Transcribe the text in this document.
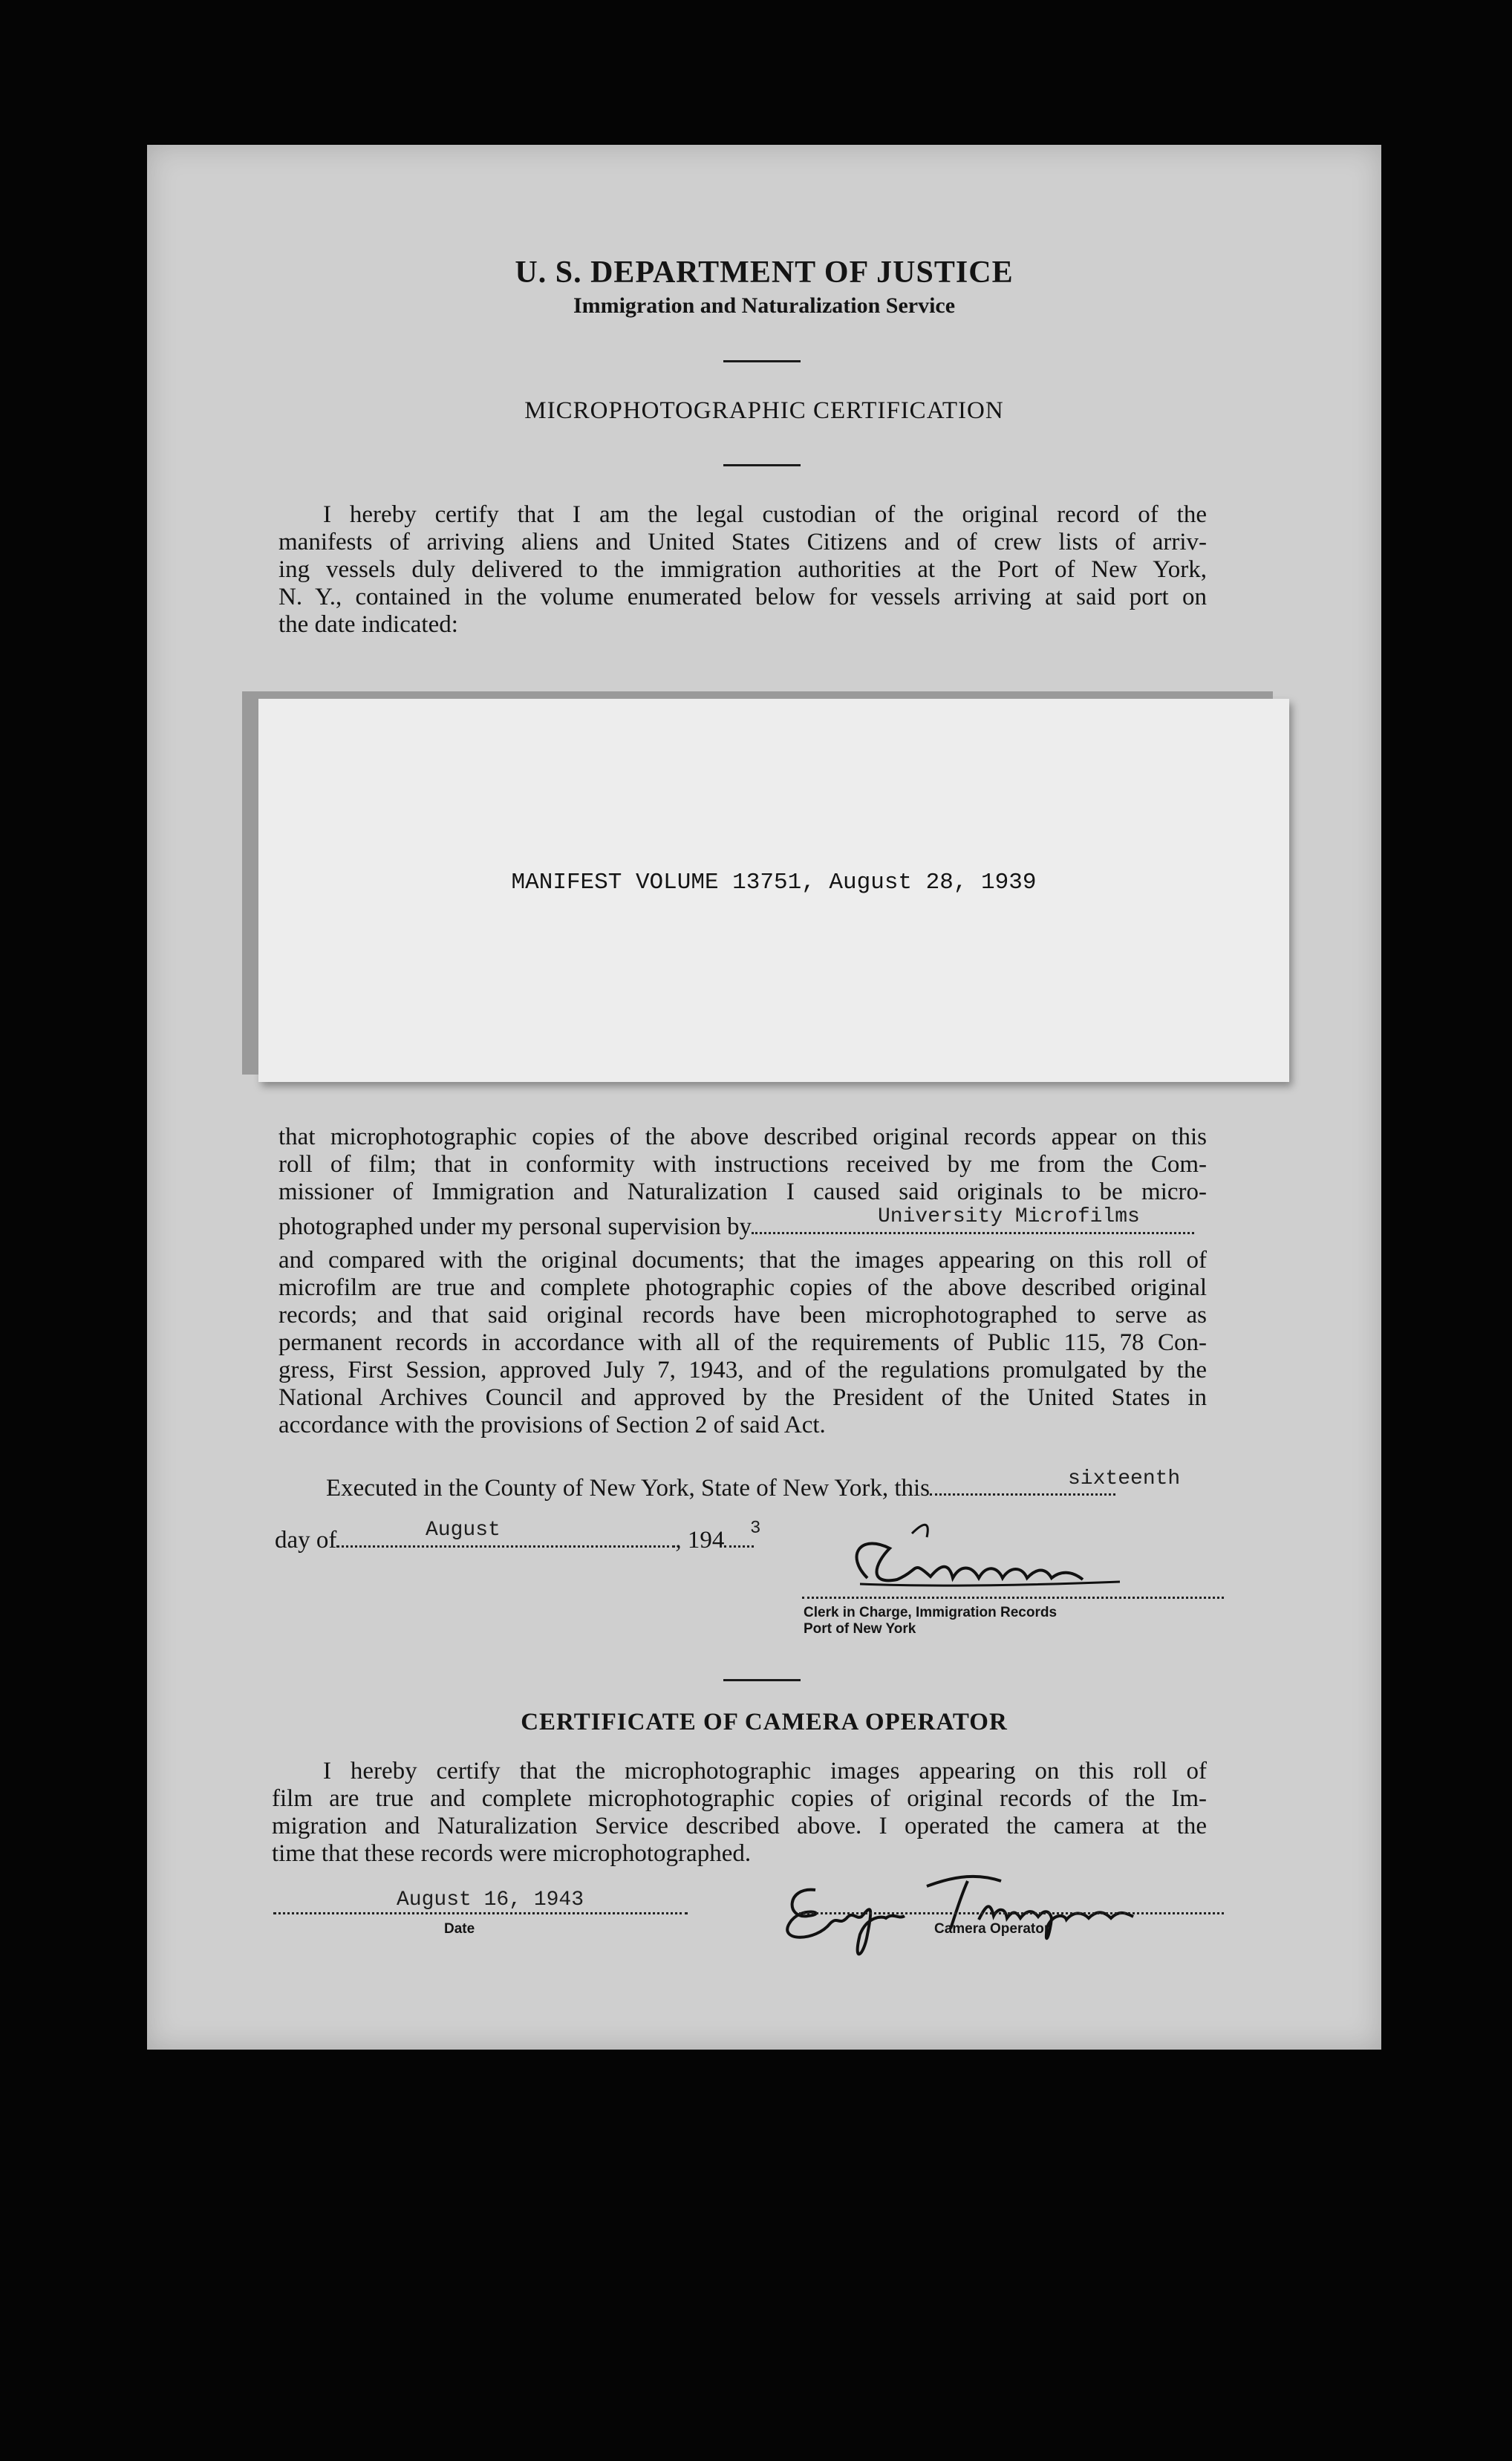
U. S. DEPARTMENT OF JUSTICE
Immigration and Naturalization Service
MICROPHOTOGRAPHIC CERTIFICATION
I hereby certify that I am the legal custodian of the original record of the
manifests of arriving aliens and United States Citizens and of crew lists of arriv-
ing vessels duly delivered to the immigration authorities at the Port of New York,
N. Y., contained in the volume enumerated below for vessels arriving at said port on
the date indicated:
MANIFEST VOLUME 13751, August 28, 1939
that microphotographic copies of the above described original records appear on this
roll of film; that in conformity with instructions received by me from the Com-
missioner of Immigration and Naturalization I caused said originals to be micro-
photographed under my personal supervision by	University Microfilms
and compared with the original documents; that the images appearing on this roll of
microfilm are true and complete photographic copies of the above described original
records; and that said original records have been microphotographed to serve as
permanent records in accordance with all of the requirements of Public 115, 78 Con-
gress, First Session, approved July 7, 1943, and of the regulations promulgated by the
National Archives Council and approved by the President of the United States in
accordance with the provisions of Section 2 of said Act.
Executed in the County of New York, State of New York, this	sixteenth
day of	, 194
August	3
Clerk in Charge, Immigration Records
Port of New York
CERTIFICATE OF CAMERA OPERATOR
I hereby certify that the microphotographic images appearing on this roll of
film are true and complete microphotographic copies of original records of the Im-
migration and Naturalization Service described above. I operated the camera at the
time that these records were microphotographed.
August 16, 1943
Date	Camera Operator
